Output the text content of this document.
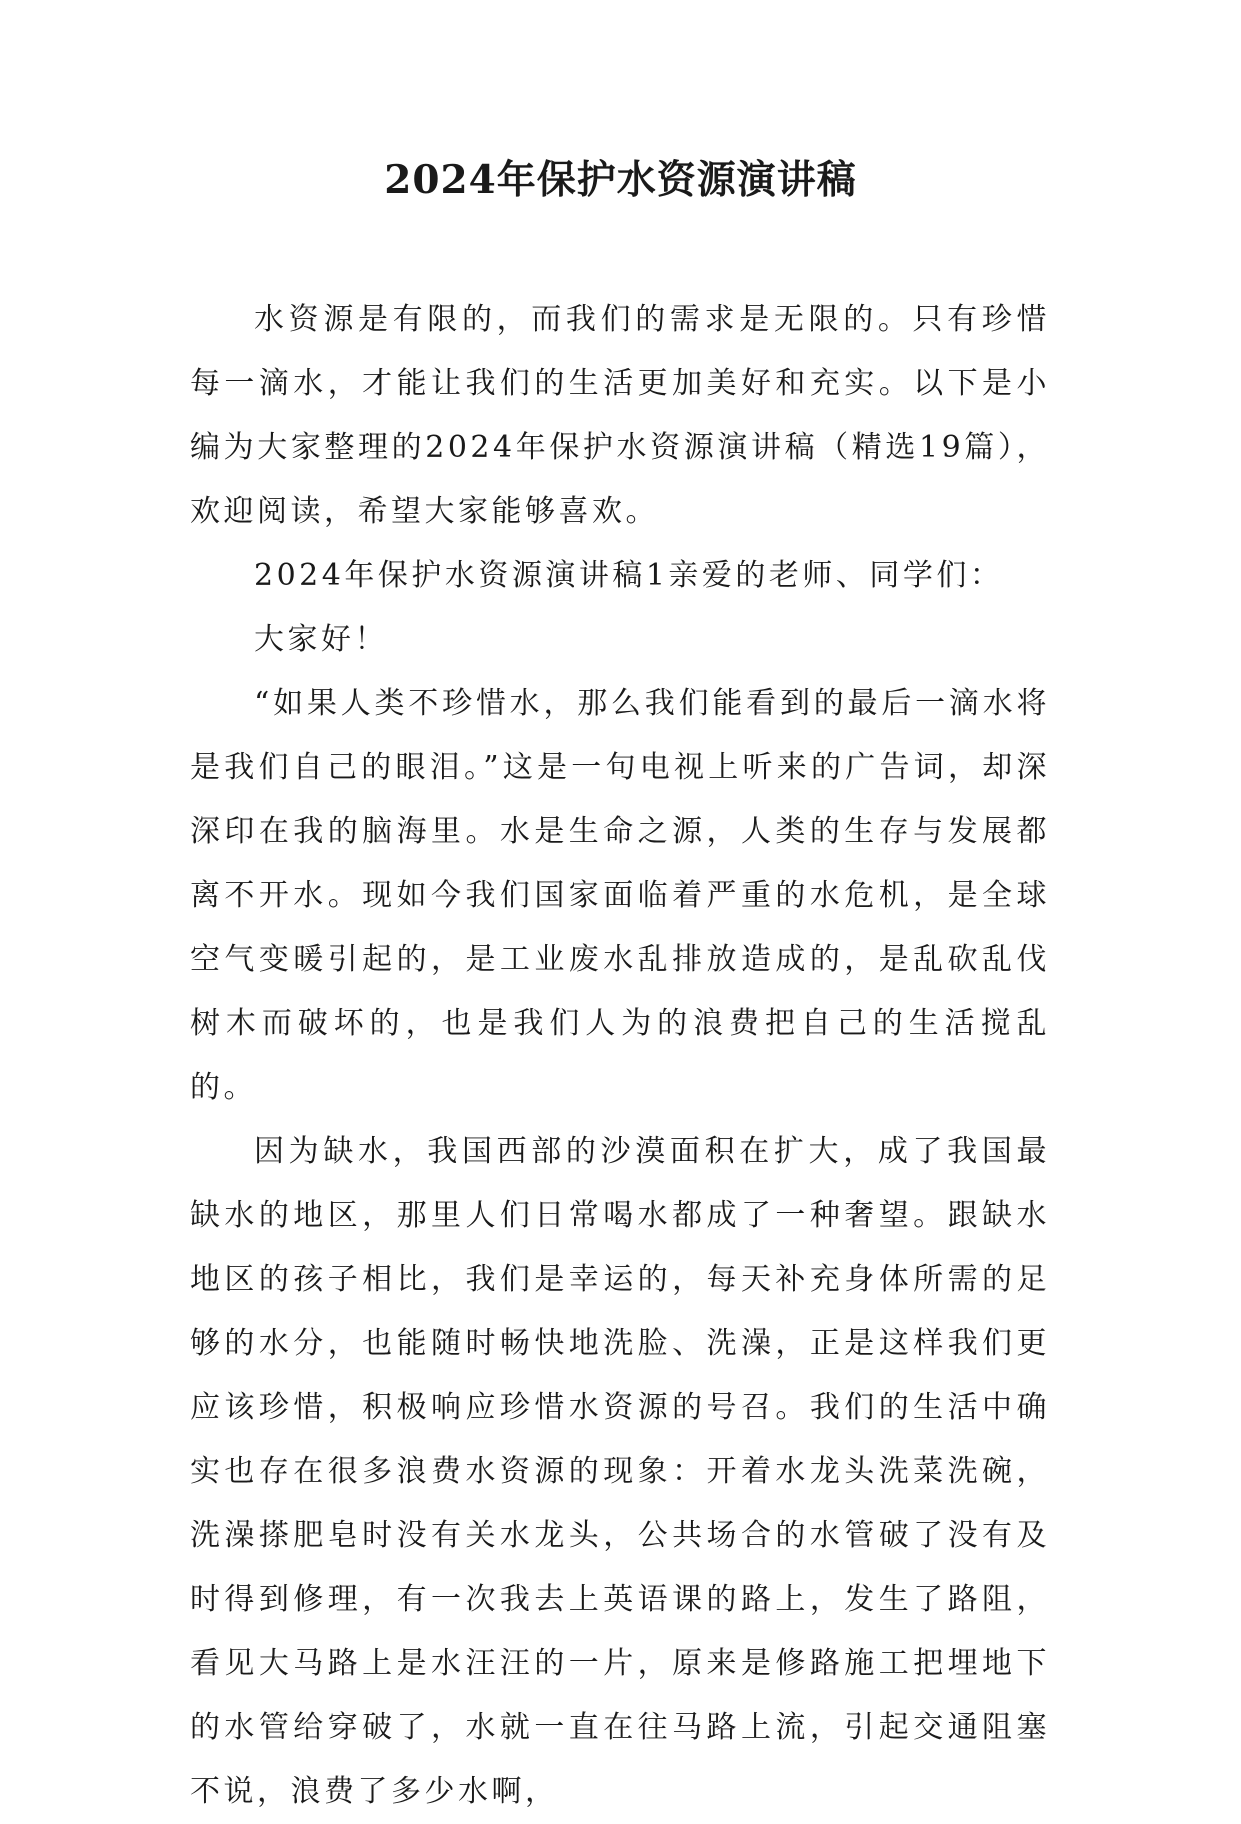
2024年保护水资源演讲稿

水资源是有限的，而我们的需求是无限的。只有珍惜每一滴水，才能让我们的生活更加美好和充实。以下是小编为大家整理的2024年保护水资源演讲稿（精选19篇），欢迎阅读，希望大家能够喜欢。

2024年保护水资源演讲稿1亲爱的老师、同学们：

大家好！

“如果人类不珍惜水，那么我们能看到的最后一滴水将是我们自己的眼泪。”这是一句电视上听来的广告词，却深深印在我的脑海里。水是生命之源，人类的生存与发展都离不开水。现如今我们国家面临着严重的水危机，是全球空气变暖引起的，是工业废水乱排放造成的，是乱砍乱伐树木而破坏的，也是我们人为的浪费把自己的生活搅乱的。

因为缺水，我国西部的沙漠面积在扩大，成了我国最缺水的地区，那里人们日常喝水都成了一种奢望。跟缺水地区的孩子相比，我们是幸运的，每天补充身体所需的足够的水分，也能随时畅快地洗脸、洗澡，正是这样我们更应该珍惜，积极响应珍惜水资源的号召。我们的生活中确实也存在很多浪费水资源的现象：开着水龙头洗菜洗碗，洗澡搽肥皂时没有关水龙头，公共场合的水管破了没有及时得到修理，有一次我去上英语课的路上，发生了路阻，看见大马路上是水汪汪的一片，原来是修路施工把埋地下的水管给穿破了，水就一直在往马路上流，引起交通阻塞不说，浪费了多少水啊，
